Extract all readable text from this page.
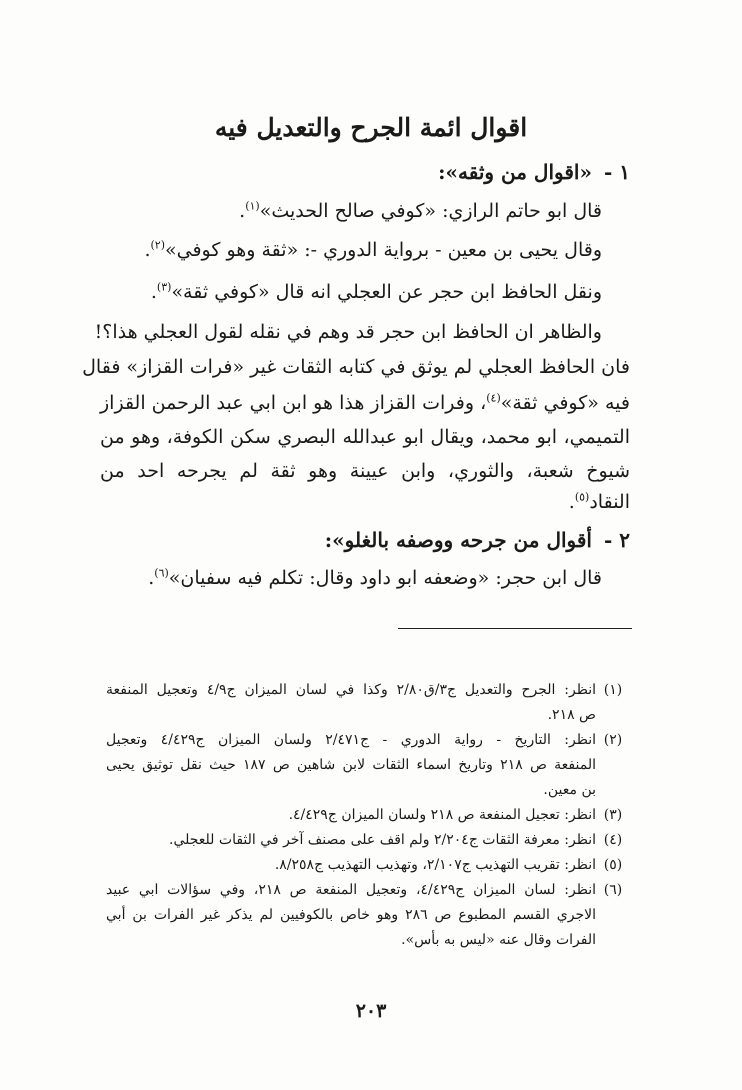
اقوال ائمة الجرح والتعديل فيه
١ -«اقوال من وثقه»:
قال ابو حاتم الرازي: «كوفي صالح الحديث»$^{(١)}$.
وقال يحيى بن معين - برواية الدوري -: «ثقة وهو كوفي»$^{(٢)}$.
ونقل الحافظ ابن حجر عن العجلي انه قال «كوفي ثقة»$^{(٣)}$.
والظاهر ان الحافظ ابن حجر قد وهم في نقله لقول العجلي هذا؟!
فان الحافظ العجلي لم يوثق في كتابه الثقات غير «فرات القزاز» فقال
فيه «كوفي ثقة»$^{(٤)}$، وفرات القزاز هذا هو ابن ابي عبد الرحمن القزاز
التميمي، ابو محمد، ويقال ابو عبدالله البصري سكن الكوفة، وهو من
شيوخ شعبة، والثوري، وابن عيينة وهو ثقة لم يجرحه احد من
النقاد$^{(٥)}$.
٢ -أقوال من جرحه ووصفه بالغلو»:
قال ابن حجر: «وضعفه ابو داود وقال: تكلم فيه سفيان»$^{(٦)}$.
(١)
انظر: الجرح والتعديل ج٣/ق٢/٨٠ وكذا في لسان الميزان ج٤/٩ وتعجيل المنفعة
ص ٢١٨.
(٢)
انظر: التاريخ - رواية الدوري - ج٢/٤٧١ ولسان الميزان ج٤/٤٢٩ وتعجيل
المنفعة ص ٢١٨ وتاريخ اسماء الثقات لابن شاهين ص ١٨٧ حيث نقل توثيق يحيى
بن معين.
(٣)
انظر: تعجيل المنفعة ص ٢١٨ ولسان الميزان ج٤/٤٢٩.
(٤)
انظر: معرفة الثقات ج٢/٢٠٤ ولم اقف على مصنف آخر في الثقات للعجلي.
(٥)
انظر: تقريب التهذيب ج٢/١٠٧، وتهذيب التهذيب ج٨/٢٥٨.
(٦)
انظر: لسان الميزان ج٤/٤٢٩، وتعجيل المنفعة ص ٢١٨، وفي سؤالات ابي عبيد
الاجري القسم المطبوع ص ٢٨٦ وهو خاص بالكوفيين لم يذكر غير الفرات بن أبي
الفرات وقال عنه «ليس به بأس».
٢٠٣
